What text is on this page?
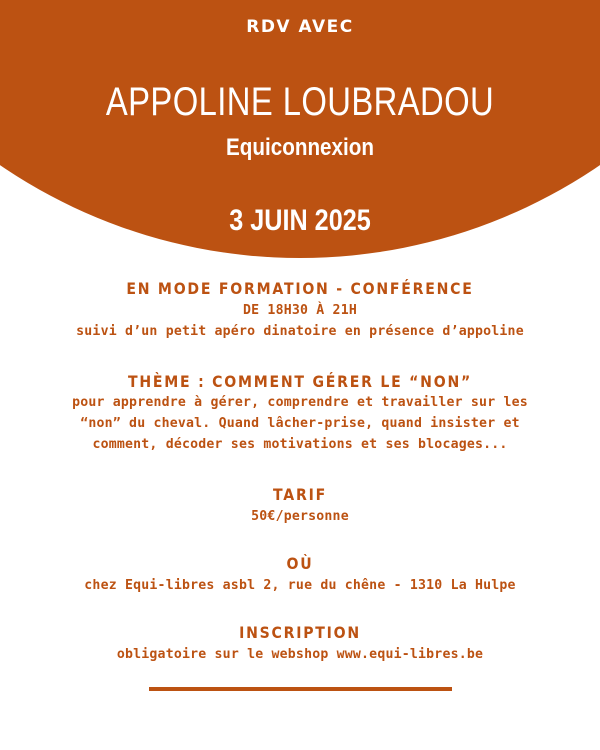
RDV AVEC
APPOLINE LOUBRADOU
Equiconnexion
3 JUIN 2025
EN MODE FORMATION - CONFÉRENCE
DE 18H30 À 21H
suivi d’un petit apéro dinatoire en présence d’appoline
THÈME : COMMENT GÉRER LE “NON”
pour apprendre à gérer, comprendre et travailler sur les
“non” du cheval. Quand lâcher-prise, quand insister et
comment, décoder ses motivations et ses blocages...
TARIF
50€/personne
OÙ
chez Equi-libres asbl 2, rue du chêne - 1310 La Hulpe
INSCRIPTION
obligatoire sur le webshop www.equi-libres.be
